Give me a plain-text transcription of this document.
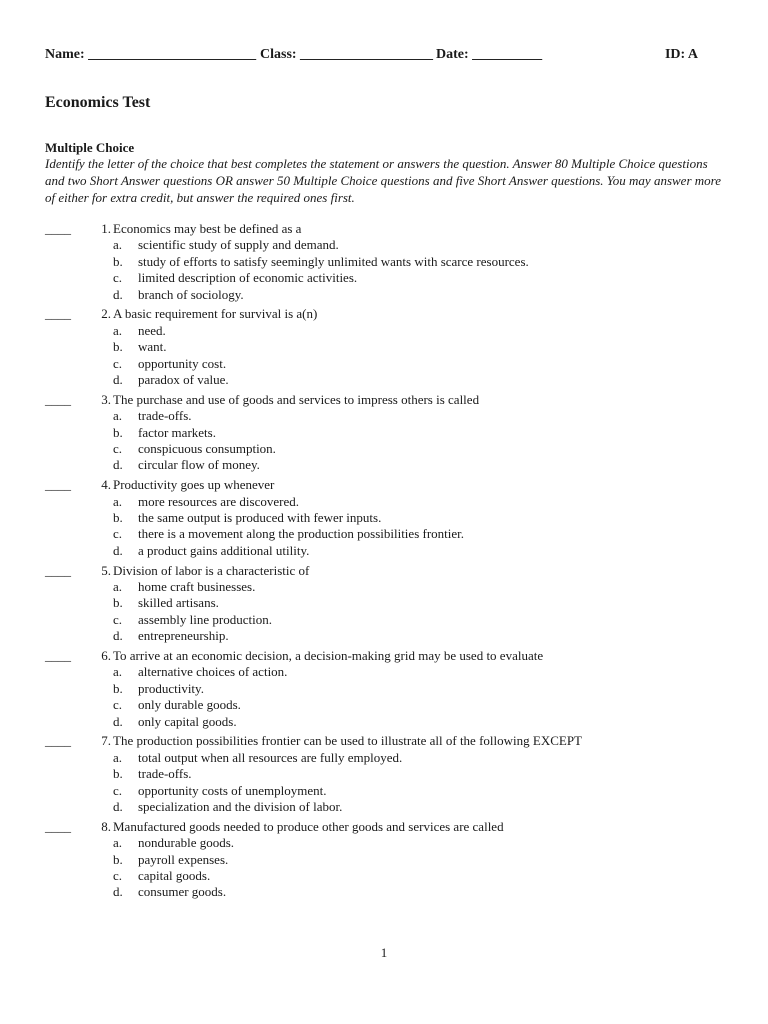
Name: ________________________ Class: ___________________ Date: __________	ID: A
Economics Test
Multiple Choice
Identify the letter of the choice that best completes the statement or answers the question. Answer 80 Multiple Choice questions and two Short Answer questions OR answer 50 Multiple Choice questions and five Short Answer questions. You may answer more of either for extra credit, but answer the required ones first.
____	1. Economics may best be defined as a
a. scientific study of supply and demand.
b. study of efforts to satisfy seemingly unlimited wants with scarce resources.
c. limited description of economic activities.
d. branch of sociology.
____	2. A basic requirement for survival is a(n)
a. need.
b. want.
c. opportunity cost.
d. paradox of value.
____	3. The purchase and use of goods and services to impress others is called
a. trade-offs.
b. factor markets.
c. conspicuous consumption.
d. circular flow of money.
____	4. Productivity goes up whenever
a. more resources are discovered.
b. the same output is produced with fewer inputs.
c. there is a movement along the production possibilities frontier.
d. a product gains additional utility.
____	5. Division of labor is a characteristic of
a. home craft businesses.
b. skilled artisans.
c. assembly line production.
d. entrepreneurship.
____	6. To arrive at an economic decision, a decision-making grid may be used to evaluate
a. alternative choices of action.
b. productivity.
c. only durable goods.
d. only capital goods.
____	7. The production possibilities frontier can be used to illustrate all of the following EXCEPT
a. total output when all resources are fully employed.
b. trade-offs.
c. opportunity costs of unemployment.
d. specialization and the division of labor.
____	8. Manufactured goods needed to produce other goods and services are called
a. nondurable goods.
b. payroll expenses.
c. capital goods.
d. consumer goods.
1
